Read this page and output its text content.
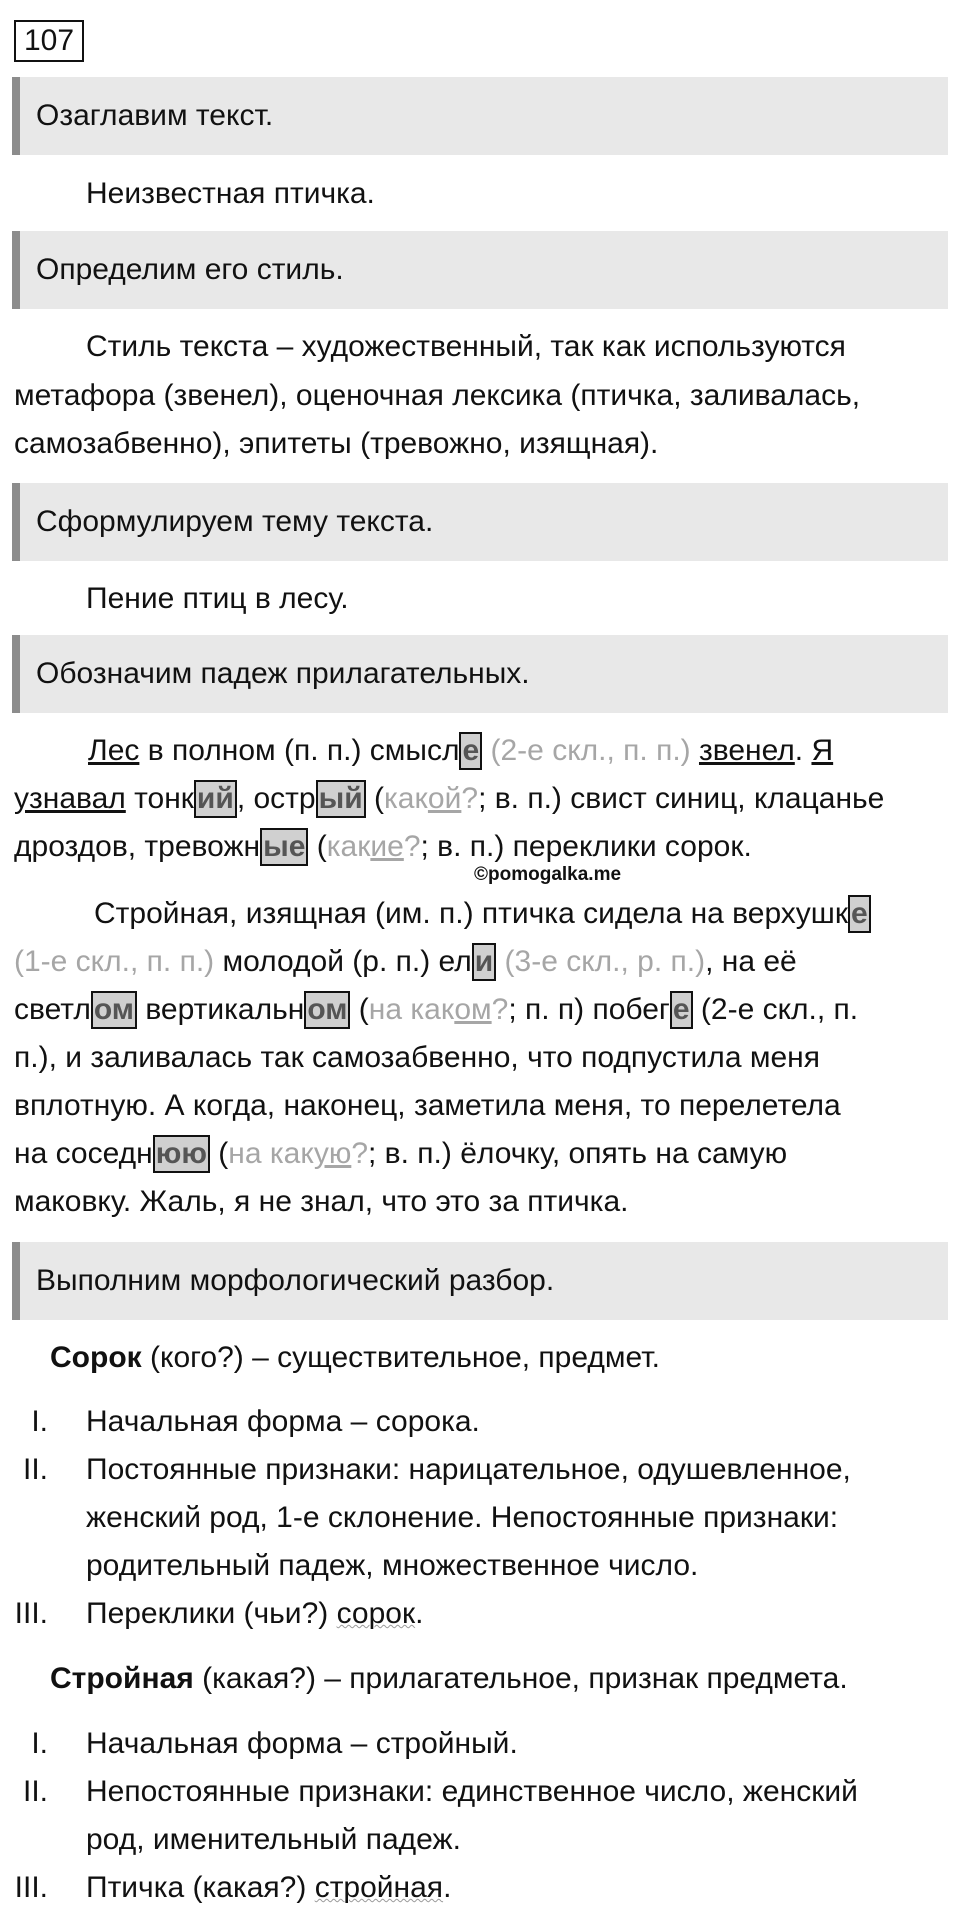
107
Озаглавим текст.
Неизвестная птичка.
Определим его стиль.
Стиль текста – художественный, так как используются
метафора (звенел), оценочная лексика (птичка, заливалась,
самозабвенно), эпитеты (тревожно, изящная).
Сформулируем тему текста.
Пение птиц в лесу.
Обозначим падеж прилагательных.
Лес в полном (п. п.) смысл е (2-е скл., п. п.) звенел. Я
узнавал тонк ий , остр ый (какой?; в. п.) свист синиц, клацанье
дроздов, тревожн ые (какие?; в. п.) переклики сорок.
©pomogalka.me
Стройная, изящная (им. п.) птичка сидела на верхушк е
(1-е скл., п. п.) молодой (р. п.) ел и (3-е скл., р. п.), на её
светл ом вертикальн ом (на каком?; п. п) побег е (2-е скл., п.
п.), и заливалась так самозабвенно, что подпустила меня
вплотную. А когда, наконец, заметила меня, то перелетела
на соседн юю (на какую?; в. п.) ёлочку, опять на самую
маковку. Жаль, я не знал, что это за птичка.
Выполним морфологический разбор.
Сорок (кого?) – существительное, предмет.
I. Начальная форма – сорока.
II. Постоянные признаки: нарицательное, одушевленное,
женский род, 1-е склонение. Непостоянные признаки:
родительный падеж, множественное число.
III. Переклики (чьи?) сорок.
Стройная (какая?) – прилагательное, признак предмета.
I. Начальная форма – стройный.
II. Непостоянные признаки: единственное число, женский
род, именительный падеж.
III. Птичка (какая?) стройная.
